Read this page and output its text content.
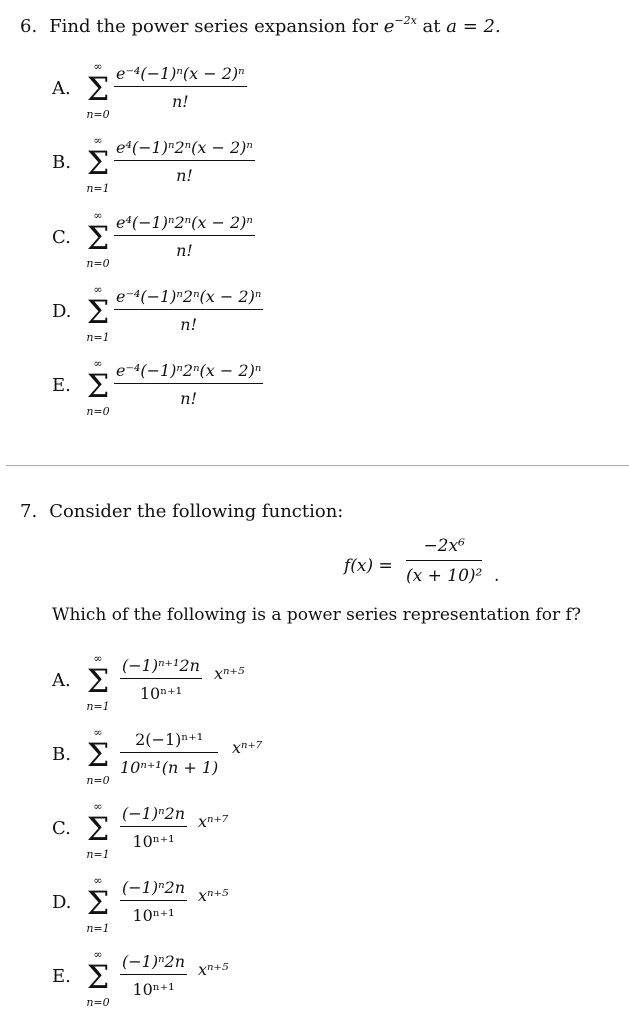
6. Find the power series expansion for $e^{-2x}$ at a = 2.
A.
∞
Σ
n=0
$\frac{\text{e⁻⁴(−1)ⁿ(x − 2)ⁿ}}{n!}$
B.
∞
Σ
n=1
$\frac{\text{e⁴(−1)ⁿ2ⁿ(x − 2)ⁿ}}{n!}$
C.
∞
Σ
n=0
$\frac{\text{e⁴(−1)ⁿ2ⁿ(x − 2)ⁿ}}{n!}$
D.
∞
Σ
n=1
$\frac{\text{e⁻⁴(−1)ⁿ2ⁿ(x − 2)ⁿ}}{n!}$
E.
∞
Σ
n=0
$\frac{\text{e⁻⁴(−1)ⁿ2ⁿ(x − 2)ⁿ}}{n!}$
7. Consider the following function:
$f(x) = \frac{\text{−2x⁶}}{\text{(x + 10)²}}$ .
Which of the following is a power series representation for f?
A.
∞
Σ
n=1
$\frac{\text{(−1)ⁿ⁺¹2n}}{\text{10ⁿ⁺¹}} x^{n+5}$
B.
∞
Σ
n=0
$\frac{\text{2(−1)ⁿ⁺¹}}{\text{10ⁿ⁺¹(n + 1)}} x^{n+7}$
C.
∞
Σ
n=1
$\frac{\text{(−1)ⁿ2n}}{\text{10ⁿ⁺¹}} x^{n+7}$
D.
∞
Σ
n=1
$\frac{\text{(−1)ⁿ2n}}{\text{10ⁿ⁺¹}} x^{n+5}$
E.
∞
Σ
n=0
$\frac{\text{(−1)ⁿ2n}}{\text{10ⁿ⁺¹}} x^{n+5}$
